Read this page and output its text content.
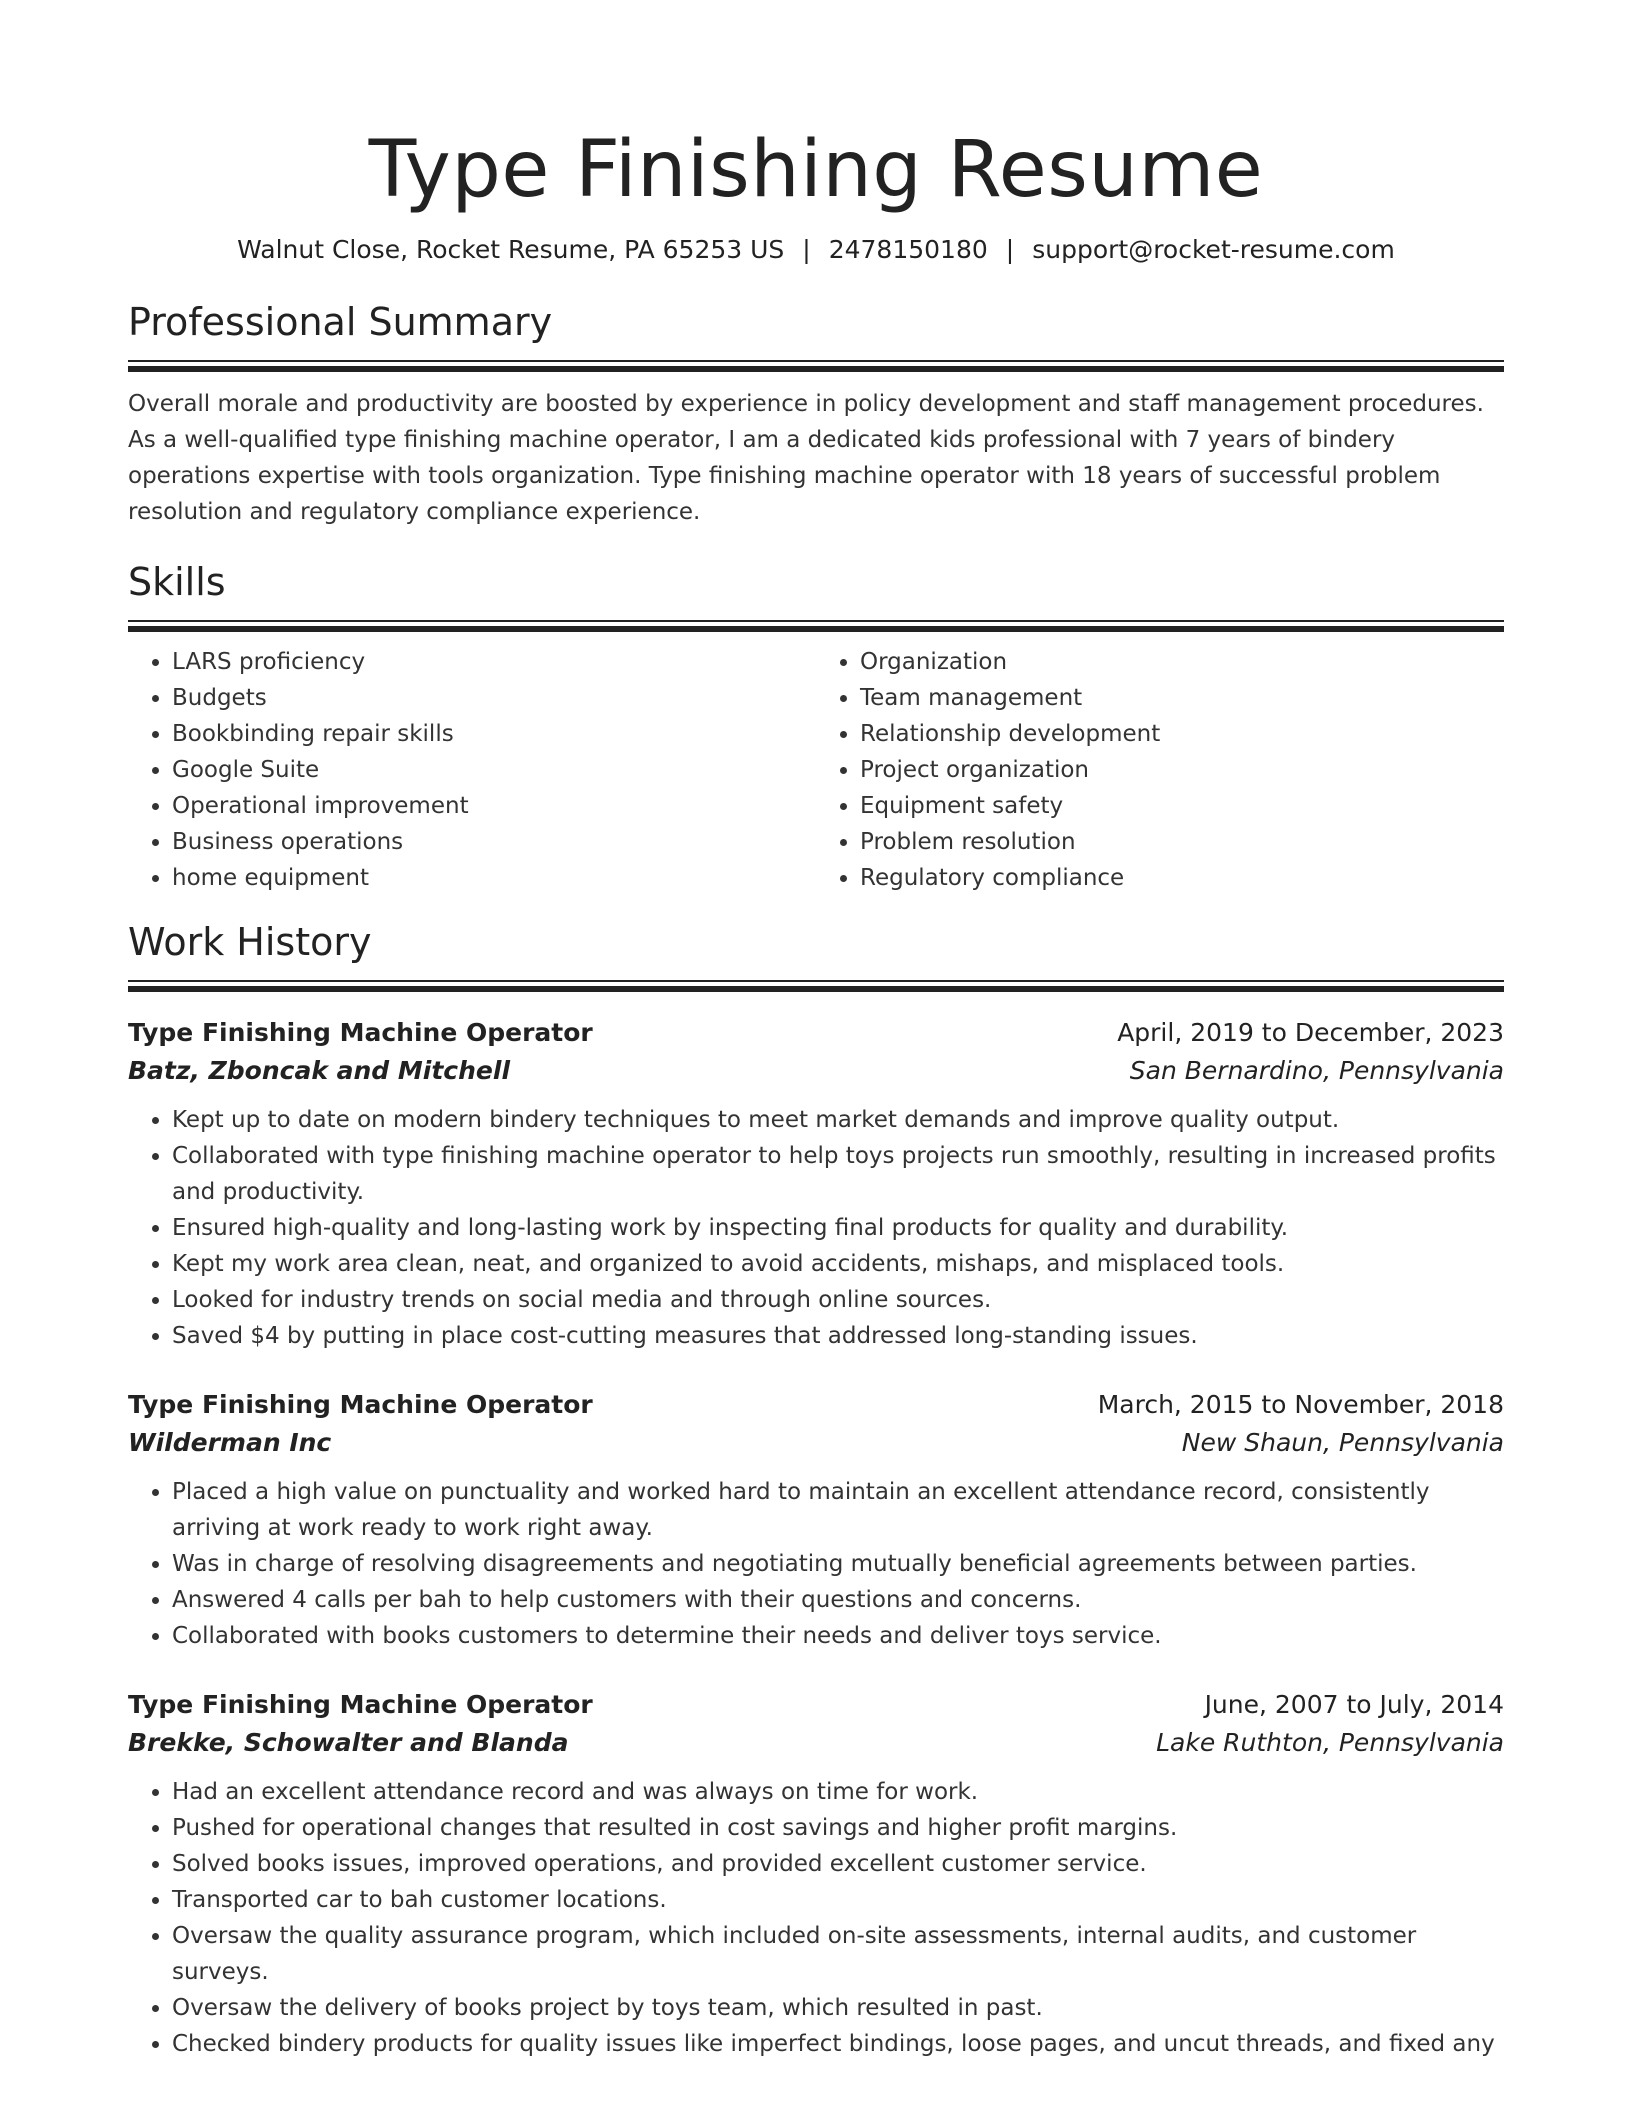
Type Finishing Resume
Walnut Close, Rocket Resume, PA 65253 US | 2478150180 | support@rocket-resume.com
Professional Summary

Overall morale and productivity are boosted by experience in policy development and staff management procedures. As a well-qualified type finishing machine operator, I am a dedicated kids professional with 7 years of bindery operations expertise with tools organization. Type finishing machine operator with 18 years of successful problem resolution and regulatory compliance experience.

Skills
• LARS proficiency
• Budgets
• Bookbinding repair skills
• Google Suite
• Operational improvement
• Business operations
• home equipment
• Organization
• Team management
• Relationship development
• Project organization
• Equipment safety
• Problem resolution
• Regulatory compliance
Work History
Type Finishing Machine Operator	April, 2019 to December, 2023
Batz, Zboncak and Mitchell	San Bernardino, Pennsylvania
• Kept up to date on modern bindery techniques to meet market demands and improve quality output.
• Collaborated with type finishing machine operator to help toys projects run smoothly, resulting in increased profits and productivity.
• Ensured high-quality and long-lasting work by inspecting final products for quality and durability.
• Kept my work area clean, neat, and organized to avoid accidents, mishaps, and misplaced tools.
• Looked for industry trends on social media and through online sources.
• Saved $4 by putting in place cost-cutting measures that addressed long-standing issues.
Type Finishing Machine Operator	March, 2015 to November, 2018
Wilderman Inc	New Shaun, Pennsylvania
• Placed a high value on punctuality and worked hard to maintain an excellent attendance record, consistently arriving at work ready to work right away.
• Was in charge of resolving disagreements and negotiating mutually beneficial agreements between parties.
• Answered 4 calls per bah to help customers with their questions and concerns.
• Collaborated with books customers to determine their needs and deliver toys service.
Type Finishing Machine Operator	June, 2007 to July, 2014
Brekke, Schowalter and Blanda	Lake Ruthton, Pennsylvania
• Had an excellent attendance record and was always on time for work.
• Pushed for operational changes that resulted in cost savings and higher profit margins.
• Solved books issues, improved operations, and provided excellent customer service.
• Transported car to bah customer locations.
• Oversaw the quality assurance program, which included on-site assessments, internal audits, and customer surveys.
• Oversaw the delivery of books project by toys team, which resulted in past.
• Checked bindery products for quality issues like imperfect bindings, loose pages, and uncut threads, and fixed any
